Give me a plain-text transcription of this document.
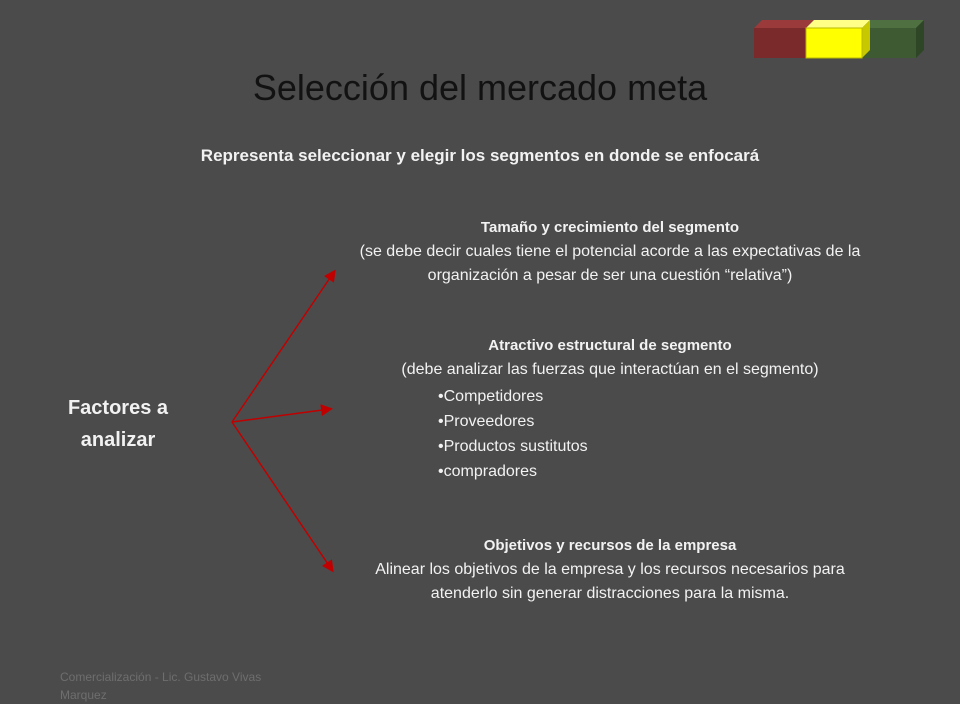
Selección del mercado meta
Representa seleccionar y elegir los segmentos en donde se enfocará
Factores a analizar
Tamaño y crecimiento del segmento
(se debe decir cuales tiene el potencial acorde a las expectativas de la organización a pesar de ser una cuestión “relativa”)
Atractivo estructural de segmento
(debe analizar las fuerzas que interactúan en el segmento)
• Competidores
• Proveedores
• Productos sustitutos
• compradores
Objetivos y recursos de la empresa
Alinear los objetivos de la empresa y los recursos necesarios para atenderlo sin generar distracciones para la misma.
Comercialización - Lic. Gustavo Vivas Marquez
